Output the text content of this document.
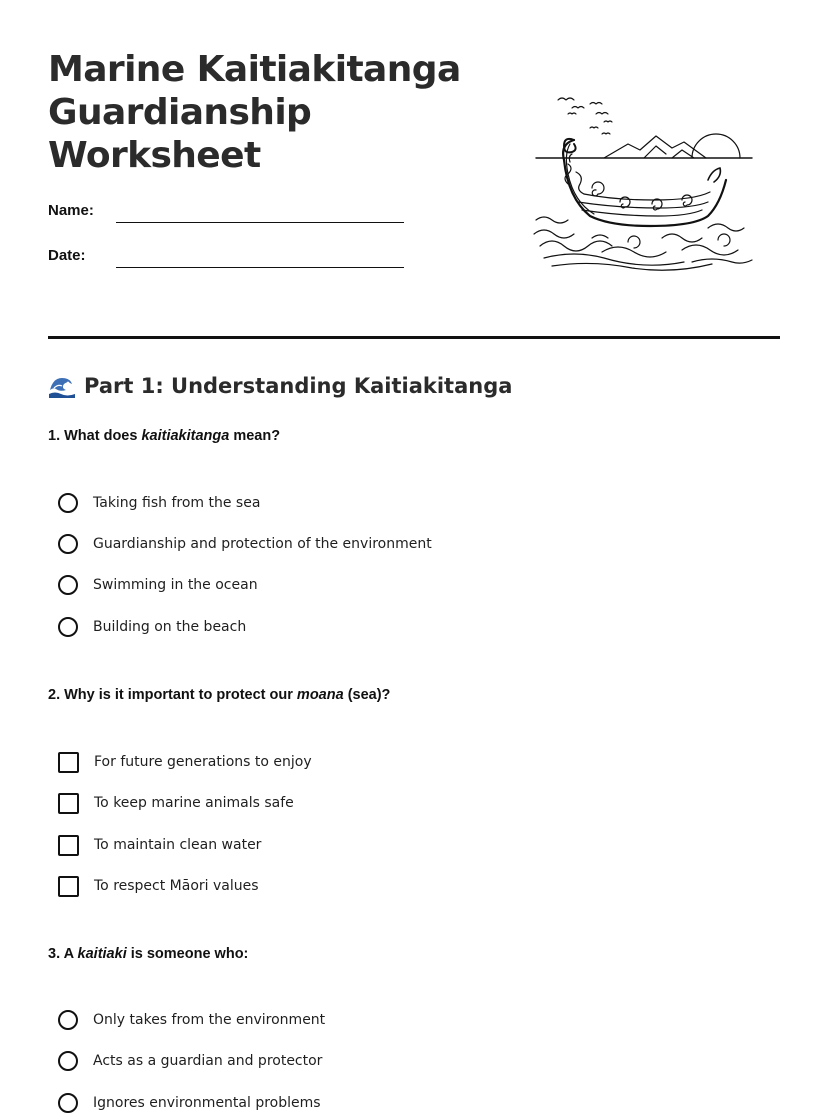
Marine Kaitiakitanga
Guardianship
Worksheet
Name:
Date:
Part 1: Understanding Kaitiakitanga

1. What does kaitiakitanga mean?

Taking fish from the sea
Guardianship and protection of the environment
Swimming in the ocean
Building on the beach

2. Why is it important to protect our moana (sea)?

For future generations to enjoy
To keep marine animals safe
To maintain clean water
To respect Māori values

3. A kaitiaki is someone who:

Only takes from the environment
Acts as a guardian and protector
Ignores environmental problems
